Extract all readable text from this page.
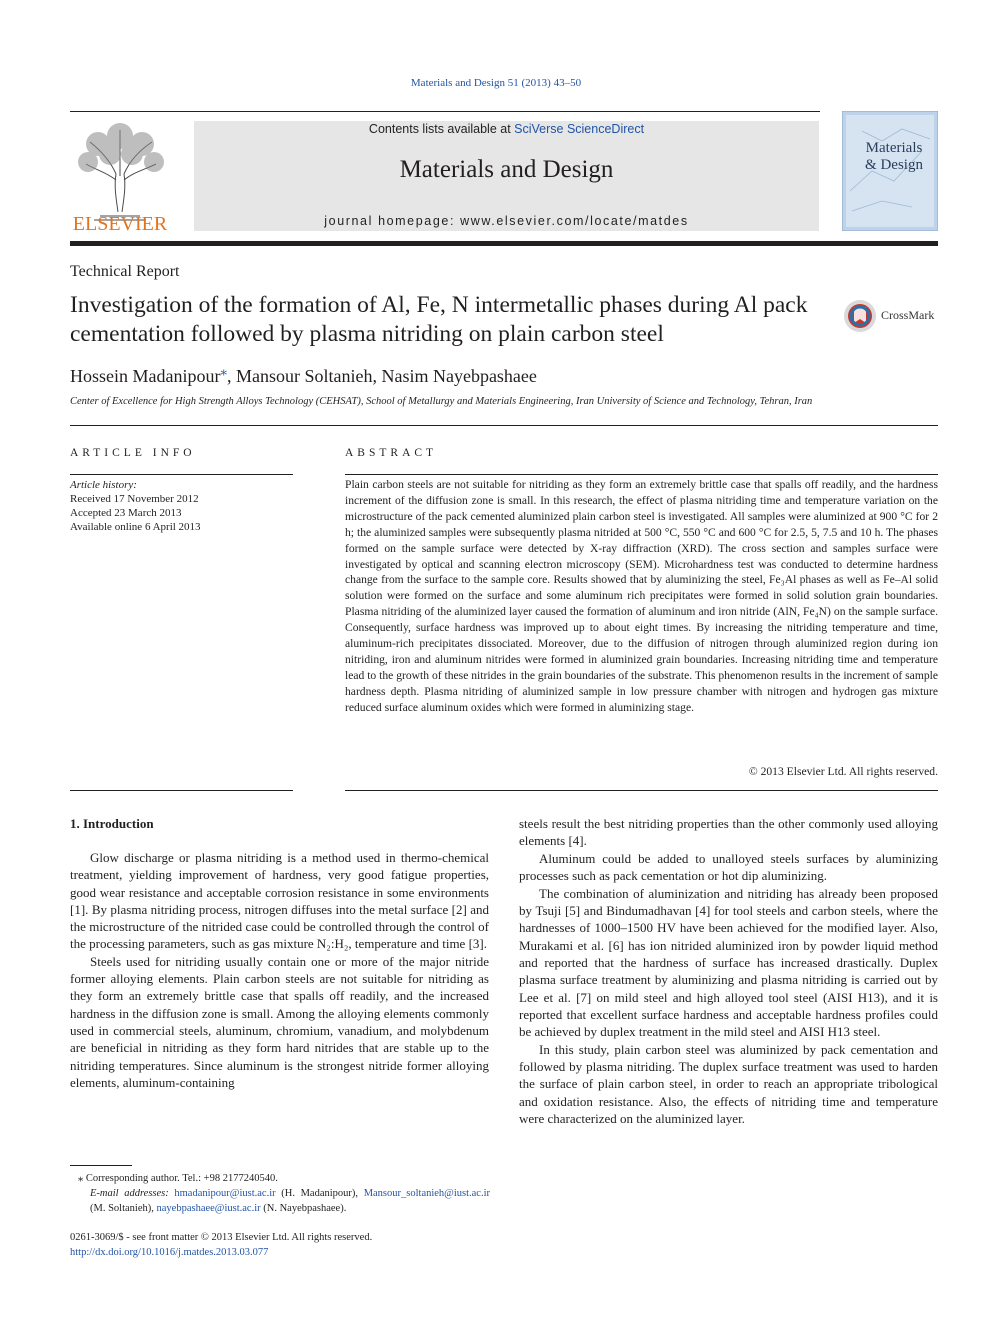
Materials and Design 51 (2013) 43–50
ELSEVIER
Contents lists available at SciVerse ScienceDirect
Materials and Design
journal homepage: www.elsevier.com/locate/matdes
Materials
& Design
Technical Report
Investigation of the formation of Al, Fe, N intermetallic phases during Al pack cementation followed by plasma nitriding on plain carbon steel
CrossMark
Hossein Madanipour⁎, Mansour Soltanieh, Nasim Nayebpashaee
Center of Excellence for High Strength Alloys Technology (CEHSAT), School of Metallurgy and Materials Engineering, Iran University of Science and Technology, Tehran, Iran
ARTICLE INFO
Article history:
Received 17 November 2012
Accepted 23 March 2013
Available online 6 April 2013
ABSTRACT
Plain carbon steels are not suitable for nitriding as they form an extremely brittle case that spalls off readily, and the hardness increment of the diffusion zone is small. In this research, the effect of plasma nitriding time and temperature variation on the microstructure of the pack cemented aluminized plain carbon steel is investigated. All samples were aluminized at 900 °C for 2 h; the aluminized samples were subsequently plasma nitrided at 500 °C, 550 °C and 600 °C for 2.5, 5, 7.5 and 10 h. The phases formed on the sample surface were detected by X-ray diffraction (XRD). The cross section and samples surface were investigated by optical and scanning electron microscopy (SEM). Microhardness test was conducted to determine hardness change from the surface to the sample core. Results showed that by aluminizing the steel, Fe₃Al phases as well as Fe–Al solid solution were formed on the surface and some aluminum rich precipitates were formed in solid solution grain boundaries. Plasma nitriding of the aluminized layer caused the formation of aluminum and iron nitride (AlN, Fe₄N) on the sample surface. Consequently, surface hardness was improved up to about eight times. By increasing the nitriding temperature and time, aluminum-rich precipitates dissociated. Moreover, due to the diffusion of nitrogen through aluminized region during ion nitriding, iron and aluminum nitrides were formed in aluminized grain boundaries. Increasing nitriding time and temperature lead to the growth of these nitrides in the grain boundaries of the substrate. This phenomenon results in the increment of sample hardness depth. Plasma nitriding of aluminized sample in low pressure chamber with nitrogen and hydrogen gas mixture reduced surface aluminum oxides which were formed in aluminizing stage.
© 2013 Elsevier Ltd. All rights reserved.
1. Introduction

Glow discharge or plasma nitriding is a method used in thermo-chemical treatment, yielding improvement of hardness, very good fatigue properties, good wear resistance and acceptable corrosion resistance in some environments [1]. By plasma nitriding process, nitrogen diffuses into the metal surface [2] and the microstructure of the nitrided case could be controlled through the control of the processing parameters, such as gas mixture N₂:H₂, temperature and time [3].

Steels used for nitriding usually contain one or more of the major nitride former alloying elements. Plain carbon steels are not suitable for nitriding as they form an extremely brittle case that spalls off readily, and the increased hardness in the diffusion zone is small. Among the alloying elements commonly used in commercial steels, aluminum, chromium, vanadium, and molybdenum are beneficial in nitriding as they form hard nitrides that are stable up to the nitriding temperatures. Since aluminum is the strongest nitride former alloying elements, aluminum-containing

steels result the best nitriding properties than the other commonly used alloying elements [4].

Aluminum could be added to unalloyed steels surfaces by aluminizing processes such as pack cementation or hot dip aluminizing.

The combination of aluminization and nitriding has already been proposed by Tsuji [5] and Bindumadhavan [4] for tool steels and carbon steels, where the hardnesses of 1000–1500 HV have been achieved for the modified layer. Also, Murakami et al. [6] has ion nitrided aluminized iron by powder liquid method and reported that the hardness of surface has increased drastically. Duplex plasma surface treatment by aluminizing and plasma nitriding is carried out by Lee et al. [7] on mild steel and high alloyed tool steel (AISI H13), and it is reported that excellent surface hardness and acceptable hardness profiles could be achieved by duplex treatment in the mild steel and AISI H13 steel.

In this study, plain carbon steel was aluminized by pack cementation and followed by plasma nitriding. The duplex surface treatment was used to harden the surface of plain carbon steel, in order to reach an appropriate tribological and oxidation resistance. Also, the effects of nitriding time and temperature were characterized on the aluminized layer.

⁎ Corresponding author. Tel.: +98 2177240540.
E-mail addresses: hmadanipour@iust.ac.ir (H. Madanipour), Mansour_soltanieh@iust.ac.ir (M. Soltanieh), nayebpashaee@iust.ac.ir (N. Nayebpashaee).
0261-3069/$ - see front matter © 2013 Elsevier Ltd. All rights reserved.
http://dx.doi.org/10.1016/j.matdes.2013.03.077
